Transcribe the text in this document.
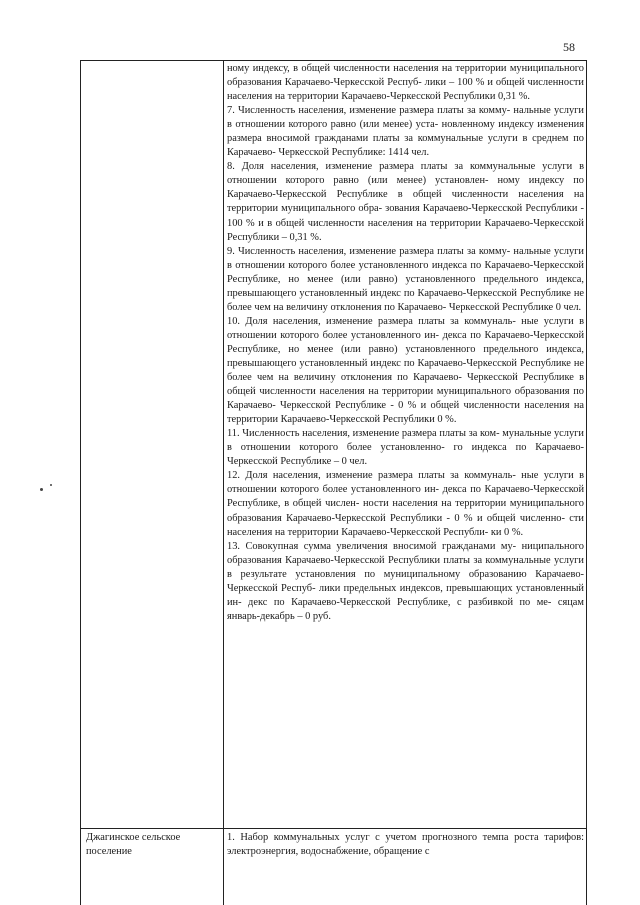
58

ному индексу, в общей численности населения на территории муниципального образования Карачаево-Черкесской Респуб- лики – 100 % и общей численности населения на территории Карачаево-Черкесской Республики 0,31 %.

7. Численность населения, изменение размера платы за комму- нальные услуги в отношении которого равно (или менее) уста- новленному индексу изменения размера вносимой гражданами платы за коммунальные услуги в среднем по Карачаево- Черкесской Республике: 1414 чел.

8. Доля населения, изменение размера платы за коммунальные услуги в отношении которого равно (или менее) установлен- ному индексу по Карачаево-Черкесской Республике в общей численности населения на территории муниципального обра- зования Карачаево-Черкесской Республики - 100 % и в общей численности населения на территории Карачаево-Черкесской Республики – 0,31 %.

9. Численность населения, изменение размера платы за комму- нальные услуги в отношении которого более установленного индекса по Карачаево-Черкесской Республике, но менее (или равно) установленного предельного индекса, превышающего установленный индекс по Карачаево-Черкесской Республике не более чем на величину отклонения по Карачаево- Черкесской Республике 0 чел.

10. Доля населения, изменение размера платы за коммуналь- ные услуги в отношении которого более установленного ин- декса по Карачаево-Черкесской Республике, но менее (или равно) установленного предельного индекса, превышающего установленный индекс по Карачаево-Черкесской Республике не более чем на величину отклонения по Карачаево- Черкесской Республике в общей численности населения на территории муниципального образования по Карачаево- Черкесской Республике - 0 % и общей численности населения на территории Карачаево-Черкесской Республики 0 %.

11. Численность населения, изменение размера платы за ком- мунальные услуги в отношении которого более установленно- го индекса по Карачаево-Черкесской Республике – 0 чел.

12. Доля населения, изменение размера платы за коммуналь- ные услуги в отношении которого более установленного ин- декса по Карачаево-Черкесской Республике, в общей числен- ности населения на территории муниципального образования Карачаево-Черкесской Республики - 0 % и общей численно- сти населения на территории Карачаево-Черкесской Республи- ки 0 %.

13. Совокупная сумма увеличения вносимой гражданами му- ниципального образования Карачаево-Черкесской Республики платы за коммунальные услуги в результате установления по муниципальному образованию Карачаево-Черкесской Респуб- лики предельных индексов, превышающих установленный ин- декс по Карачаево-Черкесской Республике, с разбивкой по ме- сяцам январь-декабрь – 0 руб.

Джагинское сельское поселение

1. Набор коммунальных услуг с учетом прогнозного темпа роста тарифов: электроэнергия, водоснабжение, обращение с
